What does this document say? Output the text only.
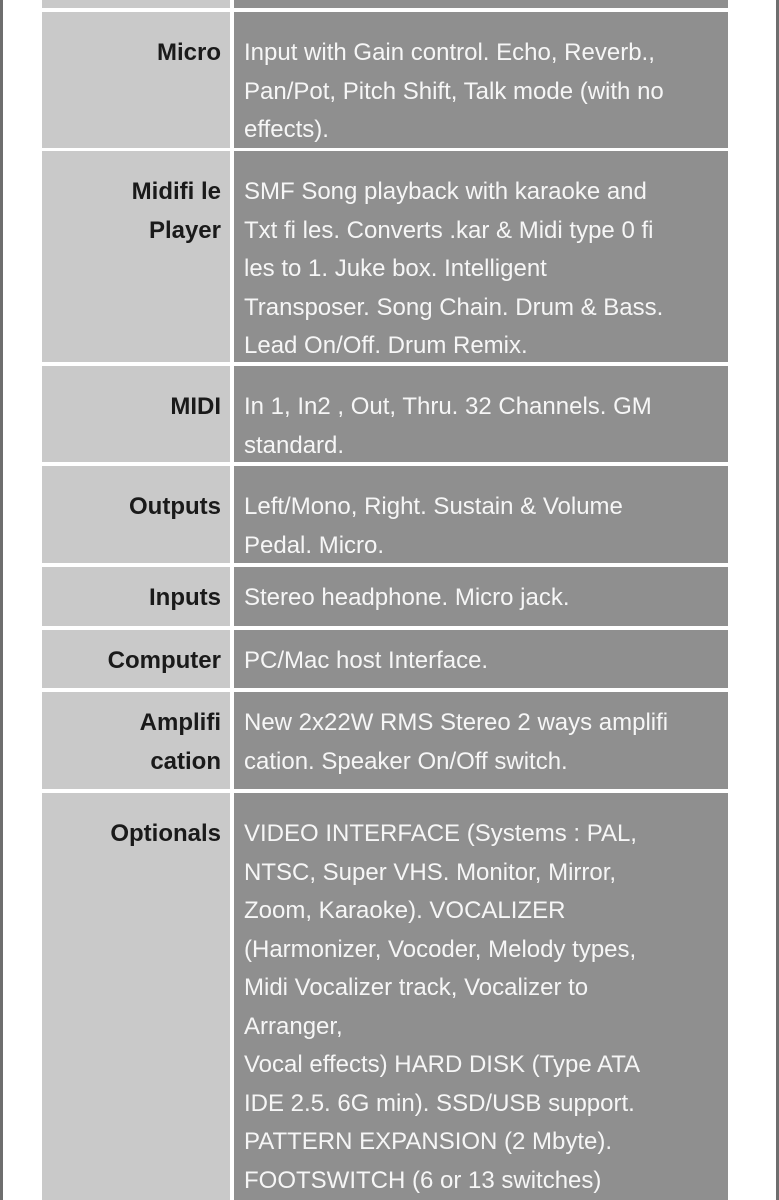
Micro Input with Gain control. Echo, Reverb.,
Pan/Pot, Pitch Shift, Talk mode (with no
effects).
Midifi le
Player
SMF Song playback with karaoke and
Txt fi les. Converts .kar & Midi type 0 fi
les to 1. Juke box. Intelligent
Transposer. Song Chain. Drum & Bass.
Lead On/Off. Drum Remix.
MIDI In 1, In2 , Out, Thru. 32 Channels. GM
standard.
Outputs Left/Mono, Right. Sustain & Volume
Pedal. Micro.
Inputs Stereo headphone. Micro jack.
Computer PC/Mac host Interface.
Amplifi
cation
New 2x22W RMS Stereo 2 ways amplifi
cation. Speaker On/Off switch.
Optionals VIDEO INTERFACE (Systems : PAL,
NTSC, Super VHS. Monitor, Mirror,
Zoom, Karaoke). VOCALIZER
(Harmonizer, Vocoder, Melody types,
Midi Vocalizer track, Vocalizer to
Arranger,
Vocal effects) HARD DISK (Type ATA
IDE 2.5. 6G min). SSD/USB support.
PATTERN EXPANSION (2 Mbyte).
FOOTSWITCH (6 or 13 switches)
